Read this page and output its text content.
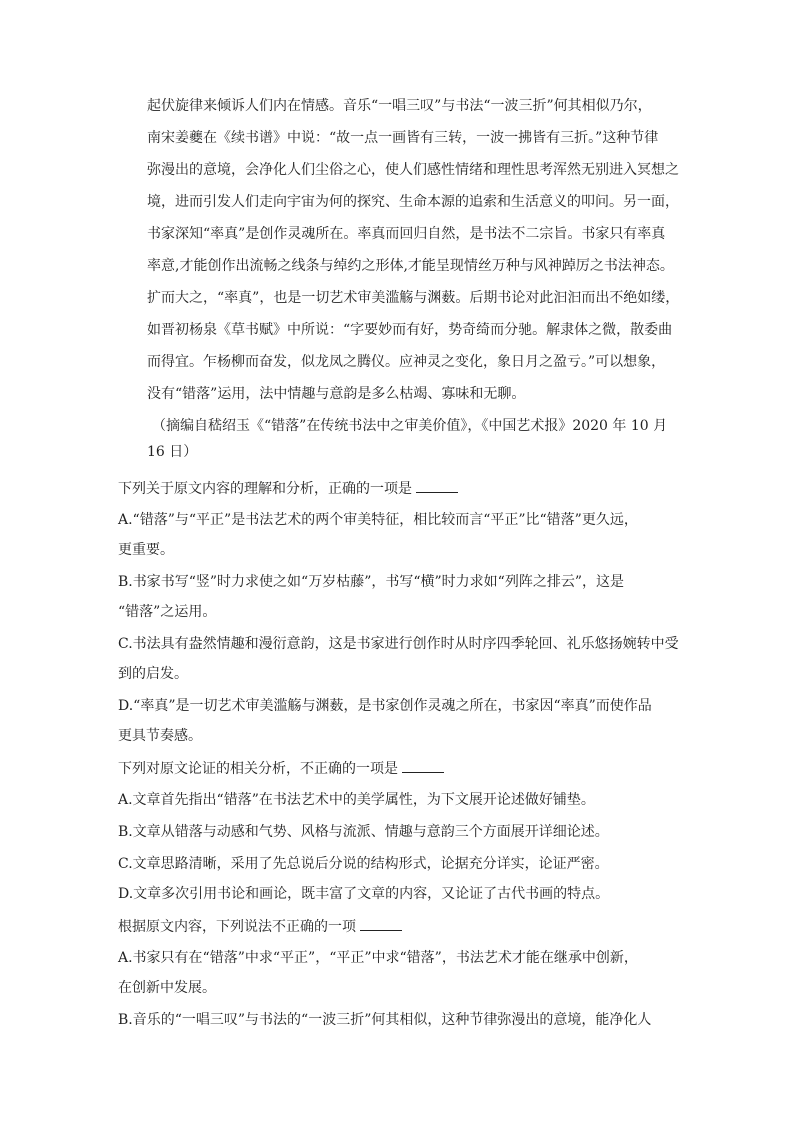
起伏旋律来倾诉人们内在情感。音乐“一唱三叹”与书法“一波三折”何其相似乃尔，
南宋姜夔在《续书谱》中说：“故一点一画皆有三转，一波一拂皆有三折。”这种节律
弥漫出的意境，会净化人们尘俗之心，使人们感性情绪和理性思考浑然无别进入冥想之
境，进而引发人们走向宇宙为何的探究、生命本源的追索和生活意义的叩问。另一面，
书家深知“率真”是创作灵魂所在。率真而回归自然，是书法不二宗旨。书家只有率真
率意,才能创作出流畅之线条与绰约之形体,才能呈现情丝万种与风神踔厉之书法神态。
扩而大之，“率真”，也是一切艺术审美滥觞与渊薮。后期书论对此汩汩而出不绝如缕，
如晋初杨泉《草书赋》中所说：“字要妙而有好，势奇绮而分驰。解隶体之微，散委曲
而得宜。乍杨柳而奋发，似龙凤之腾仪。应神灵之变化，象日月之盈亏。”可以想象，
没有“错落”运用，法中情趣与意韵是多么枯竭、寡味和无聊。
（摘编自嵇绍玉《“错落”在传统书法中之审美价值》，《中国艺术报》2020 年 10 月
16 日）
下列关于原文内容的理解和分析，正确的一项是
A.“错落”与“平正”是书法艺术的两个审美特征，相比较而言“平正”比“错落”更久远，
更重要。
B.书家书写“竖”时力求使之如“万岁枯藤”，书写“横”时力求如“列阵之排云”，这是
“错落”之运用。
C.书法具有盎然情趣和漫衍意韵，这是书家进行创作时从时序四季轮回、礼乐悠扬婉转中受
到的启发。
D.“率真”是一切艺术审美滥觞与渊薮，是书家创作灵魂之所在，书家因“率真”而使作品
更具节奏感。
下列对原文论证的相关分析，不正确的一项是
A.文章首先指出“错落”在书法艺术中的美学属性，为下文展开论述做好铺垫。
B.文章从错落与动感和气势、风格与流派、情趣与意韵三个方面展开详细论述。
C.文章思路清晰，采用了先总说后分说的结构形式，论据充分详实，论证严密。
D.文章多次引用书论和画论，既丰富了文章的内容，又论证了古代书画的特点。
根据原文内容，下列说法不正确的一项
A.书家只有在“错落”中求“平正”，“平正”中求“错落”，书法艺术才能在继承中创新，
在创新中发展。
B.音乐的“一唱三叹”与书法的“一波三折”何其相似，这种节律弥漫出的意境，能净化人
